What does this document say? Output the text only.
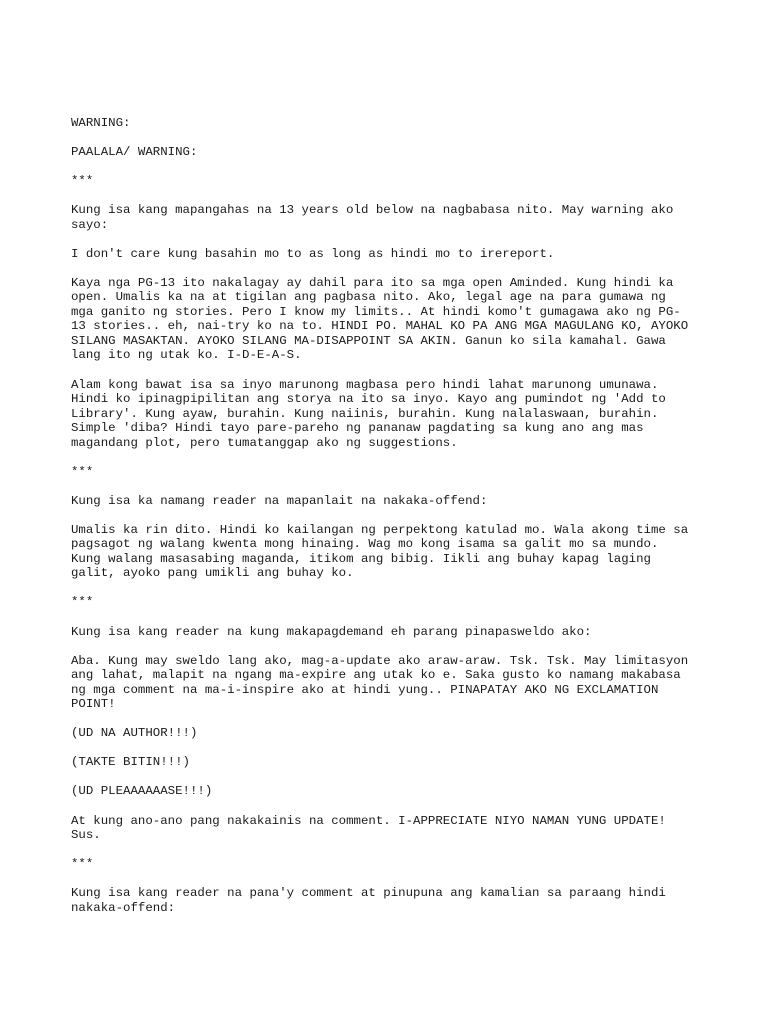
WARNING:

PAALALA/ WARNING:

***

Kung isa kang mapangahas na 13 years old below na nagbabasa nito. May warning ako
sayo:

I don't care kung basahin mo to as long as hindi mo to irereport.

Kaya nga PG-13 ito nakalagay ay dahil para ito sa mga open Aminded. Kung hindi ka
open. Umalis ka na at tigilan ang pagbasa nito. Ako, legal age na para gumawa ng
mga ganito ng stories. Pero I know my limits.. At hindi komo't gumagawa ako ng PG-
13 stories.. eh, nai-try ko na to. HINDI PO. MAHAL KO PA ANG MGA MAGULANG KO, AYOKO
SILANG MASAKTAN. AYOKO SILANG MA-DISAPPOINT SA AKIN. Ganun ko sila kamahal. Gawa
lang ito ng utak ko. I-D-E-A-S.

Alam kong bawat isa sa inyo marunong magbasa pero hindi lahat marunong umunawa.
Hindi ko ipinagpipilitan ang storya na ito sa inyo. Kayo ang pumindot ng 'Add to
Library'. Kung ayaw, burahin. Kung naiinis, burahin. Kung nalalaswaan, burahin.
Simple 'diba? Hindi tayo pare-pareho ng pananaw pagdating sa kung ano ang mas
magandang plot, pero tumatanggap ako ng suggestions.

***

Kung isa ka namang reader na mapanlait na nakaka-offend:

Umalis ka rin dito. Hindi ko kailangan ng perpektong katulad mo. Wala akong time sa
pagsagot ng walang kwenta mong hinaing. Wag mo kong isama sa galit mo sa mundo.
Kung walang masasabing maganda, itikom ang bibig. Iikli ang buhay kapag laging
galit, ayoko pang umikli ang buhay ko.

***

Kung isa kang reader na kung makapagdemand eh parang pinapasweldo ako:

Aba. Kung may sweldo lang ako, mag-a-update ako araw-araw. Tsk. Tsk. May limitasyon
ang lahat, malapit na ngang ma-expire ang utak ko e. Saka gusto ko namang makabasa
ng mga comment na ma-i-inspire ako at hindi yung.. PINAPATAY AKO NG EXCLAMATION
POINT!

(UD NA AUTHOR!!!)

(TAKTE BITIN!!!)

(UD PLEAAAAAASE!!!)

At kung ano-ano pang nakakainis na comment. I-APPRECIATE NIYO NAMAN YUNG UPDATE!
Sus.

***

Kung isa kang reader na pana'y comment at pinupuna ang kamalian sa paraang hindi
nakaka-offend:
